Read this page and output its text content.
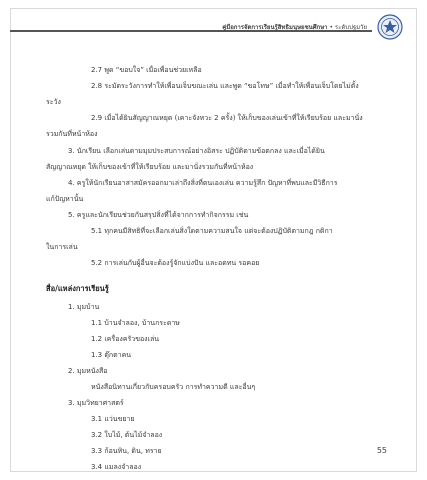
คู่มือการจัดการเรียนรู้สิทธิมนุษยชนศึกษา • ระดับปฐมวัย
2.7 พูด “ขอบใจ” เมื่อเพื่อนช่วยเหลือ
2.8 ระมัดระวังการทำให้เพื่อนเจ็บขณะเล่น และพูด “ขอโทษ” เมื่อทำให้เพื่อนเจ็บโดยไม่ตั้ง
ระวัง
2.9 เมื่อได้ยินสัญญาณหยุด (เคาะจังหวะ 2 ครั้ง) ให้เก็บของเล่นเข้าที่ให้เรียบร้อย และมานั่ง
รวมกันที่หน้าห้อง
3. นักเรียน เลือกเล่นตามมุมประสบการณ์อย่างอิสระ ปฏิบัติตามข้อตกลง และเมื่อได้ยิน
สัญญาณหยุด ให้เก็บของเข้าที่ให้เรียบร้อย และมานั่งรวมกันที่หน้าห้อง
4. ครูให้นักเรียนอาสาสมัครออกมาเล่าถึงสิ่งที่ตนเองเล่น ความรู้สึก ปัญหาที่พบและมีวิธีการ
แก้ปัญหานั้น
5. ครูและนักเรียนช่วยกันสรุปสิ่งที่ได้จากการทำกิจกรรม เช่น
5.1 ทุกคนมีสิทธิที่จะเลือกเล่นสิ่งใดตามความสนใจ แต่จะต้องปฏิบัติตามกฎ กติกา
ในการเล่น
5.2 การเล่นกับผู้อื่นจะต้องรู้จักแบ่งปัน และอดทน รอคอย
สื่อ/แหล่งการเรียนรู้
1. มุมบ้าน
1.1 บ้านจำลอง, บ้านกระดาษ
1.2 เครื่องครัวของเล่น
1.3 ตุ๊กตาคน
2. มุมหนังสือ
หนังสือนิทานเกี่ยวกับครอบครัว การทำความดี และอื่นๆ
3. มุมวิทยาศาสตร์
3.1 แว่นขยาย
3.2 ใบไม้, ต้นไม้จำลอง
3.3 ก้อนหิน, ดิน, ทราย
3.4 แมลงจำลอง
55
